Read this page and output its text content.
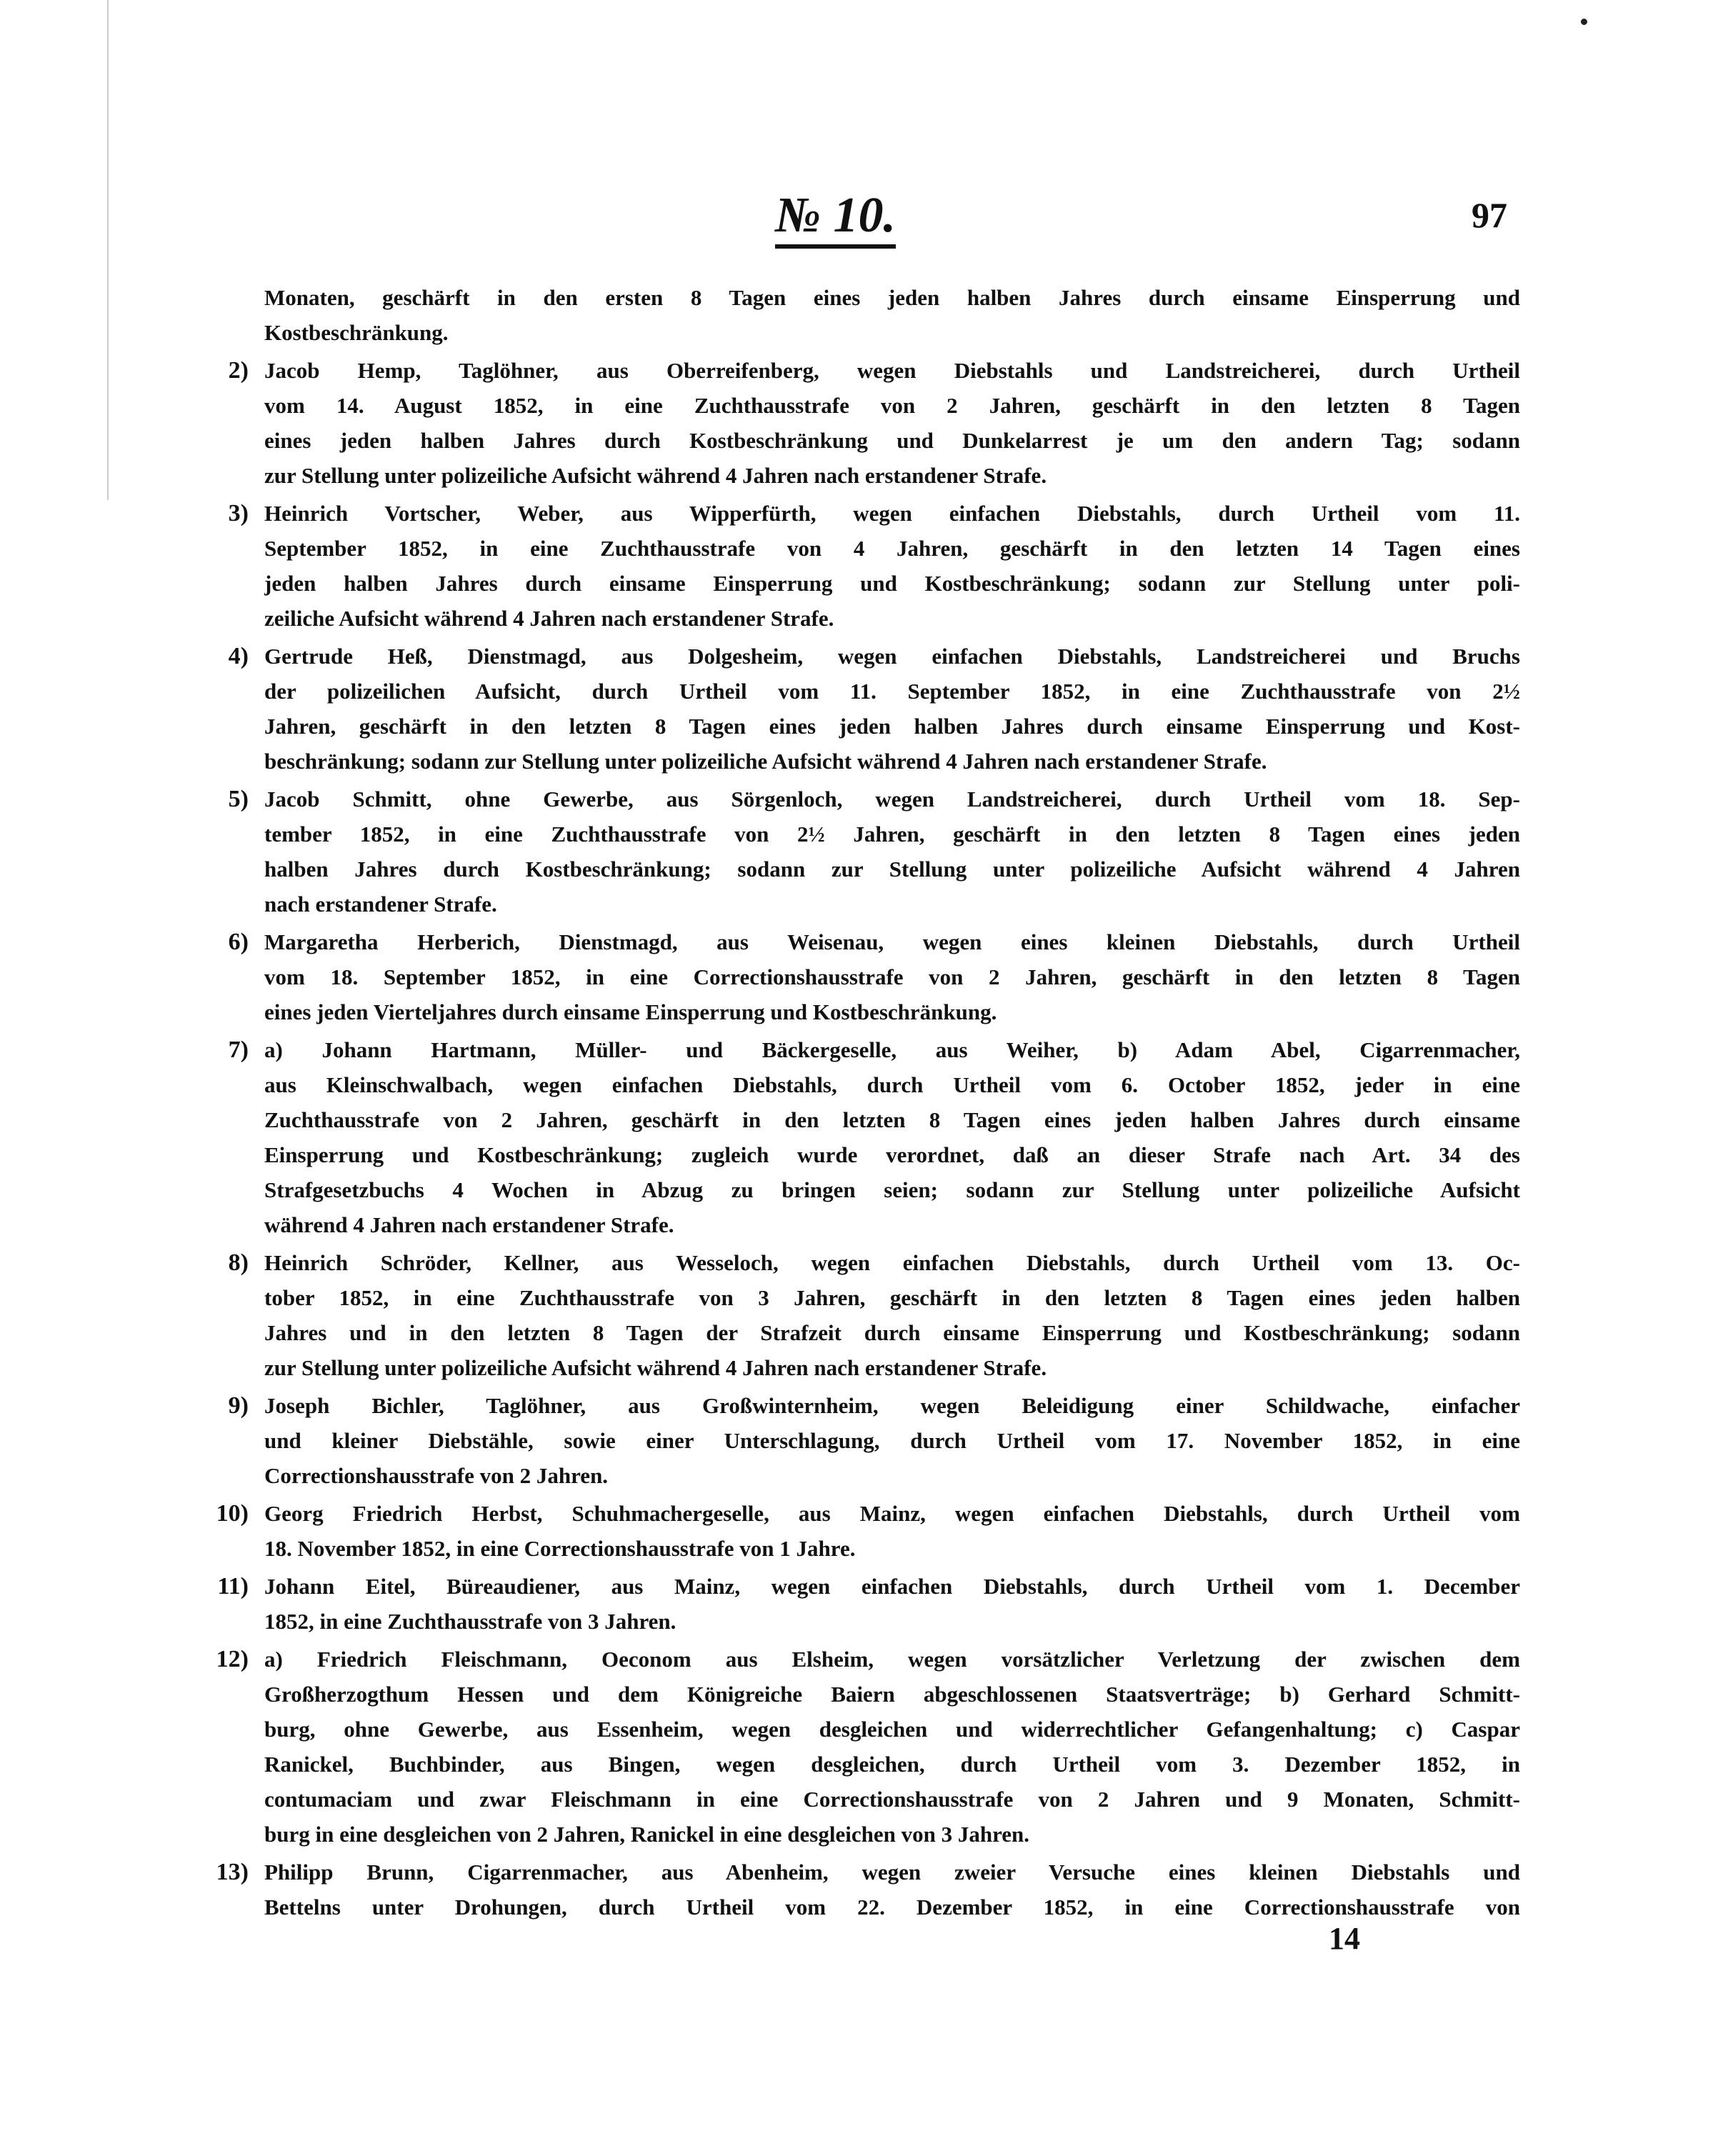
№ 10.	97
Monaten, geschärft in den ersten 8 Tagen eines jeden halben Jahres durch einsame Einsperrung und
Kostbeschränkung.
2) Jacob Hemp, Taglöhner, aus Oberreifenberg, wegen Diebstahls und Landstreicherei, durch Urtheil
vom 14. August 1852, in eine Zuchthausstrafe von 2 Jahren, geschärft in den letzten 8 Tagen
eines jeden halben Jahres durch Kostbeschränkung und Dunkelarrest je um den andern Tag; sodann
zur Stellung unter polizeiliche Aufsicht während 4 Jahren nach erstandener Strafe.
3) Heinrich Vortscher, Weber, aus Wipperfürth, wegen einfachen Diebstahls, durch Urtheil vom 11.
September 1852, in eine Zuchthausstrafe von 4 Jahren, geschärft in den letzten 14 Tagen eines
jeden halben Jahres durch einsame Einsperrung und Kostbeschränkung; sodann zur Stellung unter poli-
zeiliche Aufsicht während 4 Jahren nach erstandener Strafe.
4) Gertrude Heß, Dienstmagd, aus Dolgesheim, wegen einfachen Diebstahls, Landstreicherei und Bruchs
der polizeilichen Aufsicht, durch Urtheil vom 11. September 1852, in eine Zuchthausstrafe von 2½
Jahren, geschärft in den letzten 8 Tagen eines jeden halben Jahres durch einsame Einsperrung und Kost-
beschränkung; sodann zur Stellung unter polizeiliche Aufsicht während 4 Jahren nach erstandener Strafe.
5) Jacob Schmitt, ohne Gewerbe, aus Sörgenloch, wegen Landstreicherei, durch Urtheil vom 18. Sep-
tember 1852, in eine Zuchthausstrafe von 2½ Jahren, geschärft in den letzten 8 Tagen eines jeden
halben Jahres durch Kostbeschränkung; sodann zur Stellung unter polizeiliche Aufsicht während 4 Jahren
nach erstandener Strafe.
6) Margaretha Herberich, Dienstmagd, aus Weisenau, wegen eines kleinen Diebstahls, durch Urtheil
vom 18. September 1852, in eine Correctionshausstrafe von 2 Jahren, geschärft in den letzten 8 Tagen
eines jeden Vierteljahres durch einsame Einsperrung und Kostbeschränkung.
7) a) Johann Hartmann, Müller- und Bäckergeselle, aus Weiher, b) Adam Abel, Cigarrenmacher,
aus Kleinschwalbach, wegen einfachen Diebstahls, durch Urtheil vom 6. October 1852, jeder in eine
Zuchthausstrafe von 2 Jahren, geschärft in den letzten 8 Tagen eines jeden halben Jahres durch einsame
Einsperrung und Kostbeschränkung; zugleich wurde verordnet, daß an dieser Strafe nach Art. 34 des
Strafgesetzbuchs 4 Wochen in Abzug zu bringen seien; sodann zur Stellung unter polizeiliche Aufsicht
während 4 Jahren nach erstandener Strafe.
8) Heinrich Schröder, Kellner, aus Wesseloch, wegen einfachen Diebstahls, durch Urtheil vom 13. Oc-
tober 1852, in eine Zuchthausstrafe von 3 Jahren, geschärft in den letzten 8 Tagen eines jeden halben
Jahres und in den letzten 8 Tagen der Strafzeit durch einsame Einsperrung und Kostbeschränkung; sodann
zur Stellung unter polizeiliche Aufsicht während 4 Jahren nach erstandener Strafe.
9) Joseph Bichler, Taglöhner, aus Großwinternheim, wegen Beleidigung einer Schildwache, einfacher
und kleiner Diebstähle, sowie einer Unterschlagung, durch Urtheil vom 17. November 1852, in eine
Correctionshausstrafe von 2 Jahren.
10) Georg Friedrich Herbst, Schuhmachergeselle, aus Mainz, wegen einfachen Diebstahls, durch Urtheil vom
18. November 1852, in eine Correctionshausstrafe von 1 Jahre.
11) Johann Eitel, Büreaudiener, aus Mainz, wegen einfachen Diebstahls, durch Urtheil vom 1. December
1852, in eine Zuchthausstrafe von 3 Jahren.
12) a) Friedrich Fleischmann, Oeconom aus Elsheim, wegen vorsätzlicher Verletzung der zwischen dem
Großherzogthum Hessen und dem Königreiche Baiern abgeschlossenen Staatsverträge; b) Gerhard Schmitt-
burg, ohne Gewerbe, aus Essenheim, wegen desgleichen und widerrechtlicher Gefangenhaltung; c) Caspar
Ranickel, Buchbinder, aus Bingen, wegen desgleichen, durch Urtheil vom 3. Dezember 1852, in
contumaciam und zwar Fleischmann in eine Correctionshausstrafe von 2 Jahren und 9 Monaten, Schmitt-
burg in eine desgleichen von 2 Jahren, Ranickel in eine desgleichen von 3 Jahren.
13) Philipp Brunn, Cigarrenmacher, aus Abenheim, wegen zweier Versuche eines kleinen Diebstahls und
Bettelns unter Drohungen, durch Urtheil vom 22. Dezember 1852, in eine Correctionshausstrafe von
14
